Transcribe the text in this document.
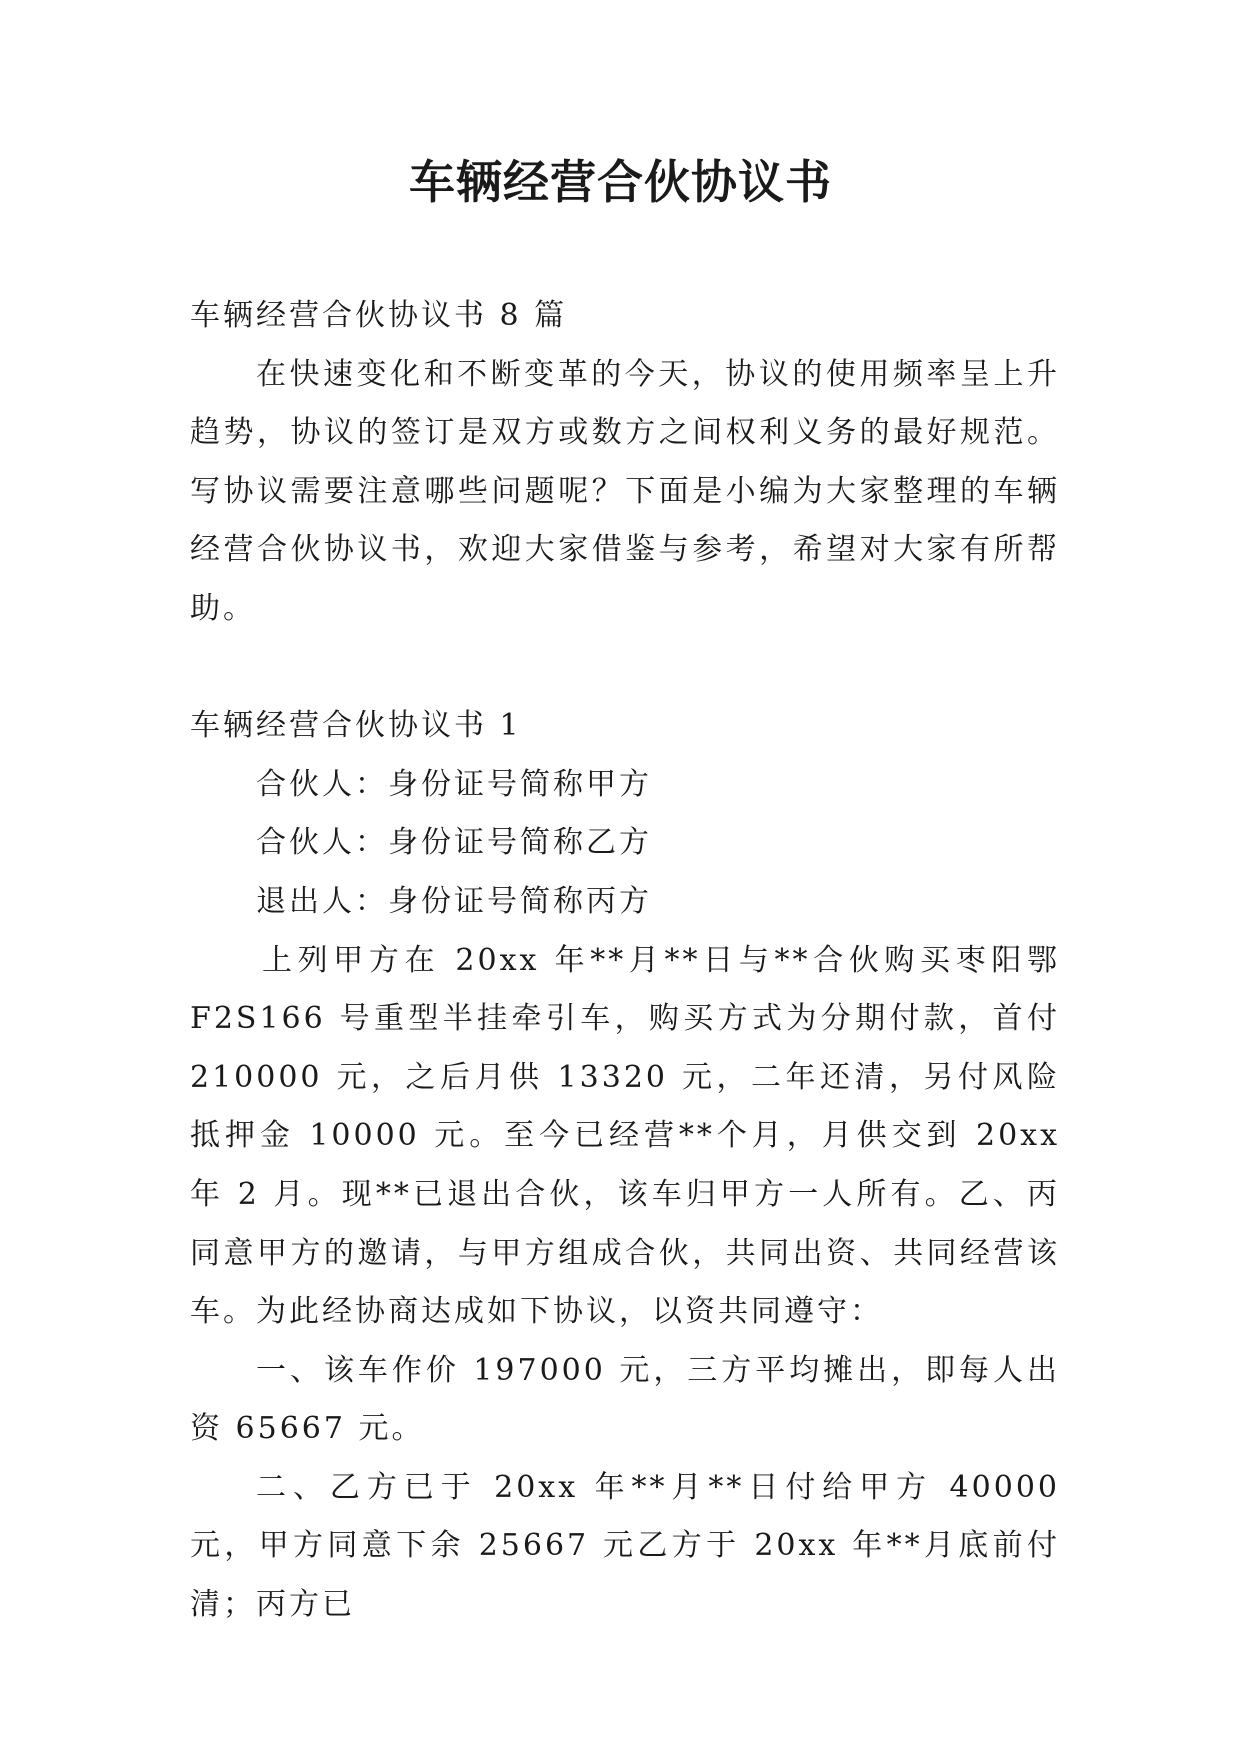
车辆经营合伙协议书

车辆经营合伙协议书 8 篇

在快速变化和不断变革的今天，协议的使用频率呈上升趋势，协议的签订是双方或数方之间权利义务的最好规范。写协议需要注意哪些问题呢？下面是小编为大家整理的车辆经营合伙协议书，欢迎大家借鉴与参考，希望对大家有所帮助。

车辆经营合伙协议书 1

合伙人：身份证号简称甲方

合伙人：身份证号简称乙方

退出人：身份证号简称丙方

上列甲方在 20xx 年**月**日与**合伙购买枣阳鄂 F2S166 号重型半挂牵引车，购买方式为分期付款，首付 210000 元，之后月供 13320 元，二年还清，另付风险抵押金 10000 元。至今已经营**个月，月供交到 20xx 年 2 月。现**已退出合伙，该车归甲方一人所有。乙、丙同意甲方的邀请，与甲方组成合伙，共同出资、共同经营该车。为此经协商达成如下协议，以资共同遵守：

一、该车作价 197000 元，三方平均摊出，即每人出资 65667 元。

二、乙方已于 20xx 年**月**日付给甲方 40000 元，甲方同意下余 25667 元乙方于 20xx 年**月底前付清；丙方已
